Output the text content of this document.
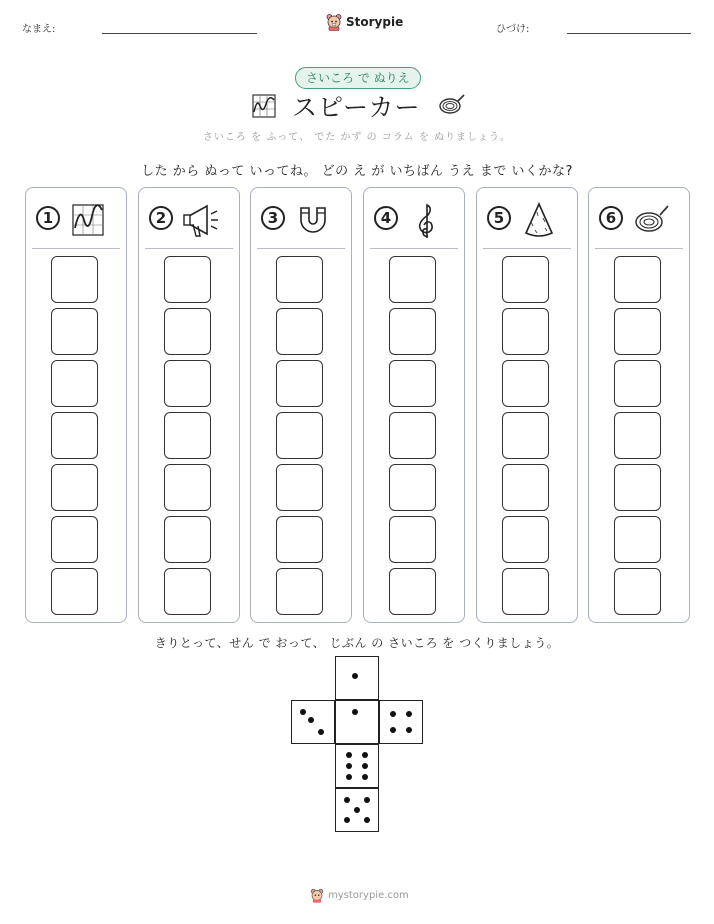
なまえ:
Storypie
ひづけ:
さいころ で ぬりえ
スピーカー
さいころ を ふって、 でた かず の コラム を ぬりましょう。
した から ぬって いってね。 どの え が いちばん うえ まで いくかな?
1	2	3	4	5	6
きりとって、せん で おって、 じぶん の さいころ を つくりましょう。
mystorypie.com
